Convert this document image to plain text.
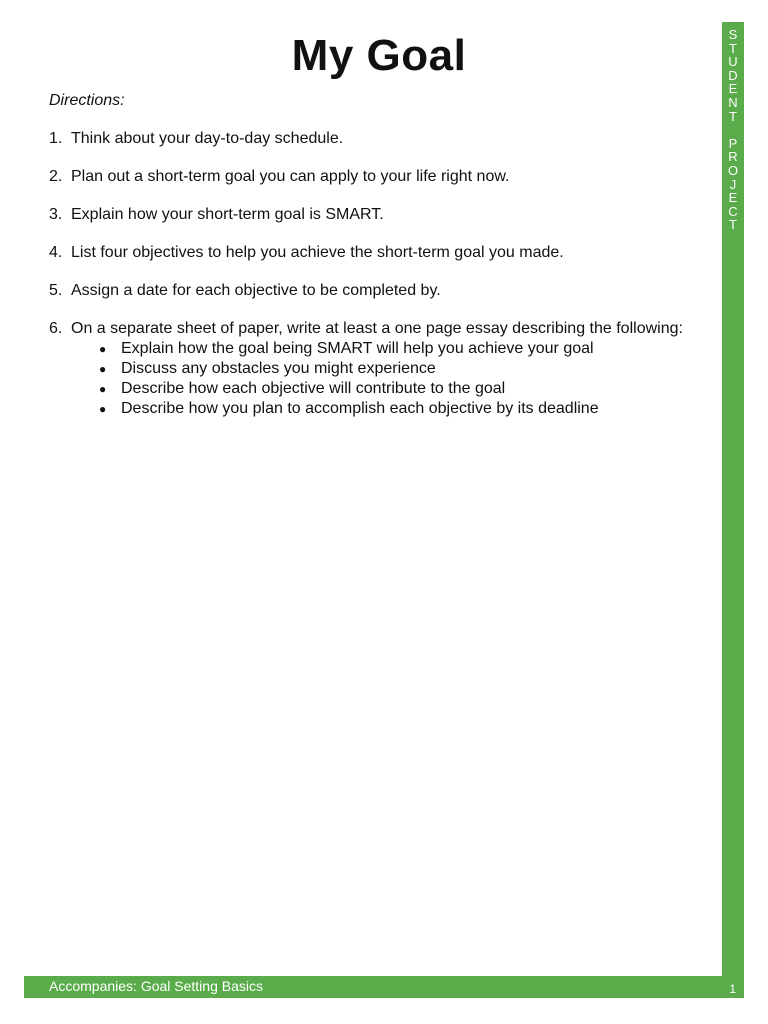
My Goal

Directions:

1. Think about your day-to-day schedule.
2. Plan out a short-term goal you can apply to your life right now.
3. Explain how your short-term goal is SMART.
4. List four objectives to help you achieve the short-term goal you made.
5. Assign a date for each objective to be completed by.
6. On a separate sheet of paper, write at least a one page essay describing the following:
● Explain how the goal being SMART will help you achieve your goal
● Discuss any obstacles you might experience
● Describe how each objective will contribute to the goal
● Describe how you plan to accomplish each objective by its deadline
S
T
U
D
E
N
T
P
R
O
J
E
C
T
Accompanies: Goal Setting Basics	1
